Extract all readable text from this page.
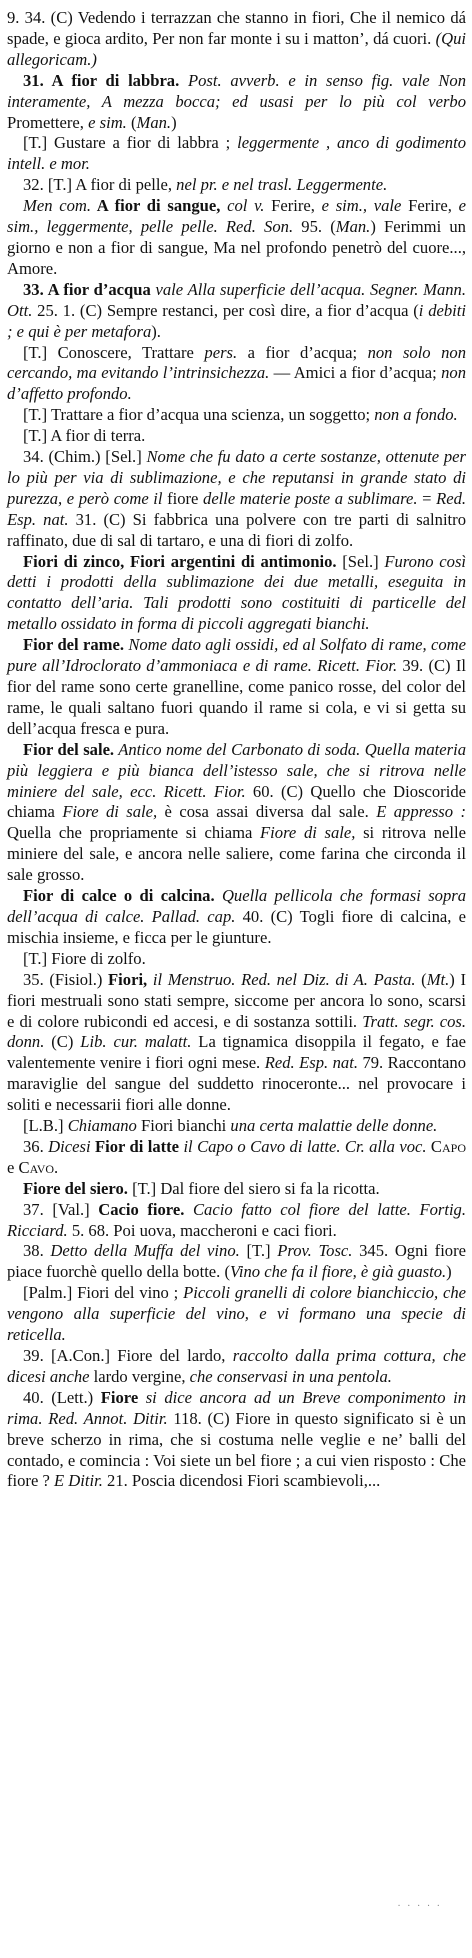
9. 34. (C) Vedendo i terrazzan che stanno in fiori, Che il nemico dá spade, e gioca ardito, Per non far monte i su i matton’, dá cuori. (Qui allegoricam.)

31. A fior di labbra. Post. avverb. e in senso fig. vale Non interamente, A mezza bocca; ed usasi per lo più col verbo Promettere, e sim. (Man.)

[T.] Gustare a fior di labbra ; leggermente , anco di godimento intell. e mor.

32. [T.] A fior di pelle, nel pr. e nel trasl. Leggermente.

Men com. A fior di sangue, col v. Ferire, e sim., vale Ferire, e sim., leggermente, pelle pelle. Red. Son. 95. (Man.) Ferimmi un giorno e non a fior di sangue, Ma nel profondo penetrò del cuore..., Amore.

33. A fior d’acqua vale Alla superficie dell’acqua. Segner. Mann. Ott. 25. 1. (C) Sempre restanci, per così dire, a fior d’acqua (i debiti ; e qui è per metafora).

[T.] Conoscere, Trattare pers. a fior d’acqua; non solo non cercando, ma evitando l’intrinsichezza. — Amici a fior d’acqua; non d’affetto profondo.

[T.] Trattare a fior d’acqua una scienza, un soggetto; non a fondo.

[T.] A fior di terra.

34. (Chim.) [Sel.] Nome che fu dato a certe sostanze, ottenute per lo più per via di sublimazione, e che reputansi in grande stato di purezza, e però come il fiore delle materie poste a sublimare. = Red. Esp. nat. 31. (C) Si fabbrica una polvere con tre parti di salnitro raffinato, due di sal di tartaro, e una di fiori di zolfo.

Fiori di zinco, Fiori argentini di antimonio. [Sel.] Furono così detti i prodotti della sublimazione dei due metalli, eseguita in contatto dell’aria. Tali prodotti sono costituiti di particelle del metallo ossidato in forma di piccoli aggregati bianchi.

Fior del rame. Nome dato agli ossidi, ed al Solfato di rame, come pure all’Idroclorato d’ammoniaca e di rame. Ricett. Fior. 39. (C) Il fior del rame sono certe granelline, come panico rosse, del color del rame, le quali saltano fuori quando il rame si cola, e vi si getta su dell’acqua fresca e pura.

Fior del sale. Antico nome del Carbonato di soda. Quella materia più leggiera e più bianca dell’istesso sale, che si ritrova nelle miniere del sale, ecc. Ricett. Fior. 60. (C) Quello che Dioscoride chiama Fiore di sale, è cosa assai diversa dal sale. E appresso : Quella che propriamente si chiama Fiore di sale, si ritrova nelle miniere del sale, e ancora nelle saliere, come farina che circonda il sale grosso.

Fior di calce o di calcina. Quella pellicola che formasi sopra dell’acqua di calce. Pallad. cap. 40. (C) Togli fiore di calcina, e mischia insieme, e ficca per le giunture.

[T.] Fiore di zolfo.

35. (Fisiol.) Fiori, il Menstruo. Red. nel Diz. di A. Pasta. (Mt.) I fiori mestruali sono stati sempre, siccome per ancora lo sono, scarsi e di colore rubicondi ed accesi, e di sostanza sottili. Tratt. segr. cos. donn. (C) Lib. cur. malatt. La tignamica disoppila il fegato, e fae valentemente venire i fiori ogni mese. Red. Esp. nat. 79. Raccontano maraviglie del sangue del suddetto rinoceronte... nel provocare i soliti e necessarii fiori alle donne.

[L.B.] Chiamano Fiori bianchi una certa malattie delle donne.

36. Dicesi Fior di latte il Capo o Cavo di latte. Cr. alla voc. Capo e Cavo.

Fiore del siero. [T.] Dal fiore del siero si fa la ricotta.

37. [Val.] Cacio fiore. Cacio fatto col fiore del latte. Fortig. Ricciard. 5. 68. Poi uova, maccheroni e caci fiori.

38. Detto della Muffa del vino. [T.] Prov. Tosc. 345. Ogni fiore piace fuorchè quello della botte. (Vino che fa il fiore, è già guasto.)

[Palm.] Fiori del vino ; Piccoli granelli di colore bianchiccio, che vengono alla superficie del vino, e vi formano una specie di reticella.

39. [A.Con.] Fiore del lardo, raccolto dalla prima cottura, che dicesi anche lardo vergine, che conservasi in una pentola.

40. (Lett.) Fiore si dice ancora ad un Breve componimento in rima. Red. Annot. Ditir. 118. (C) Fiore in questo significato si è un breve scherzo in rima, che si costuma nelle veglie e ne’ balli del contado, e comincia : Voi siete un bel fiore ; a cui vien risposto : Che fiore ? E Ditir. 21. Poscia dicendosi Fiori scambievoli,...

· · · · ·
